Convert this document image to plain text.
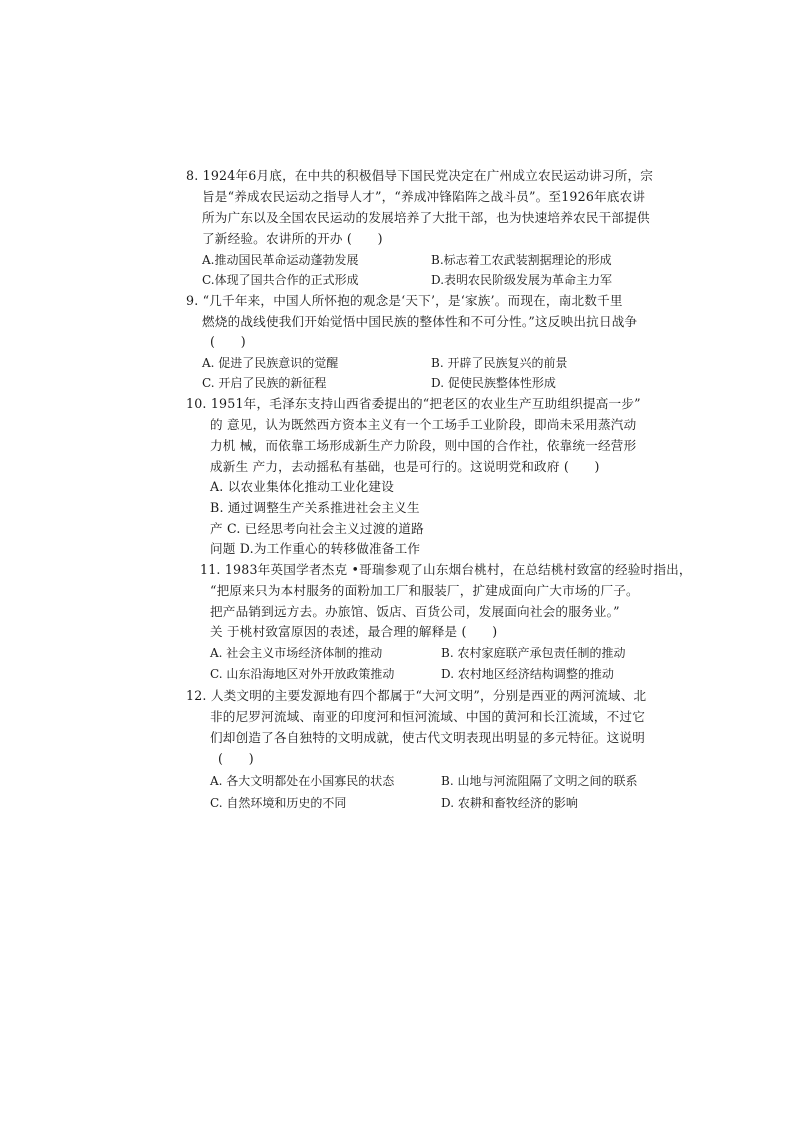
8. 1924年6月底，在中共的积极倡导下国民党决定在广州成立农民运动讲习所，宗
旨是“养成农民运动之指导人才”，“养成冲锋陷阵之战斗员”。至1926年底农讲
所为广东以及全国农民运动的发展培养了大批干部，也为快速培养农民干部提供
了新经验。农讲所的开办 (　　)
A.推动国民革命运动蓬勃发展	B.标志着工农武装割据理论的形成
C.体现了国共合作的正式形成	D.表明农民阶级发展为革命主力军
9. “几千年来，中国人所怀抱的观念是‘天下’，是‘家族’。而现在，南北数千里
燃烧的战线使我们开始觉悟中国民族的整体性和不可分性。”这反映出抗日战争
(　　)
A. 促进了民族意识的觉醒	B. 开辟了民族复兴的前景
C. 开启了民族的新征程	D. 促使民族整体性形成
10. 1951年，毛泽东支持山西省委提出的“把老区的农业生产互助组织提高一步”
的 意见，认为既然西方资本主义有一个工场手工业阶段，即尚未采用蒸汽动
力机 械，而依靠工场形成新生产力阶段，则中国的合作社，依靠统一经营形
成新生 产力，去动摇私有基础，也是可行的。这说明党和政府 (　　)
A. 以农业集体化推动工业化建设
B. 通过调整生产关系推进社会主义生
产 C. 已经思考向社会主义过渡的道路
问题 D.为工作重心的转移做准备工作
11. 1983年英国学者杰克 •哥瑞参观了山东烟台桃村，在总结桃村致富的经验时指出，
“把原来只为本村服务的面粉加工厂和服装厂，扩建成面向广大市场的厂子。
把产品销到远方去。办旅馆、饭店、百货公司，发展面向社会的服务业。”
关 于桃村致富原因的表述，最合理的解释是 (　　)
A. 社会主义市场经济体制的推动	B. 农村家庭联产承包责任制的推动
C. 山东沿海地区对外开放政策推动	D. 农村地区经济结构调整的推动
12. 人类文明的主要发源地有四个都属于“大河文明”，分别是西亚的两河流域、北
非的尼罗河流域、南亚的印度河和恒河流域、中国的黄河和长江流域，不过它
们却创造了各自独特的文明成就，使古代文明表现出明显的多元特征。这说明
(　　)
A. 各大文明都处在小国寡民的状态	B. 山地与河流阻隔了文明之间的联系
C. 自然环境和历史的不同	D. 农耕和畜牧经济的影响
